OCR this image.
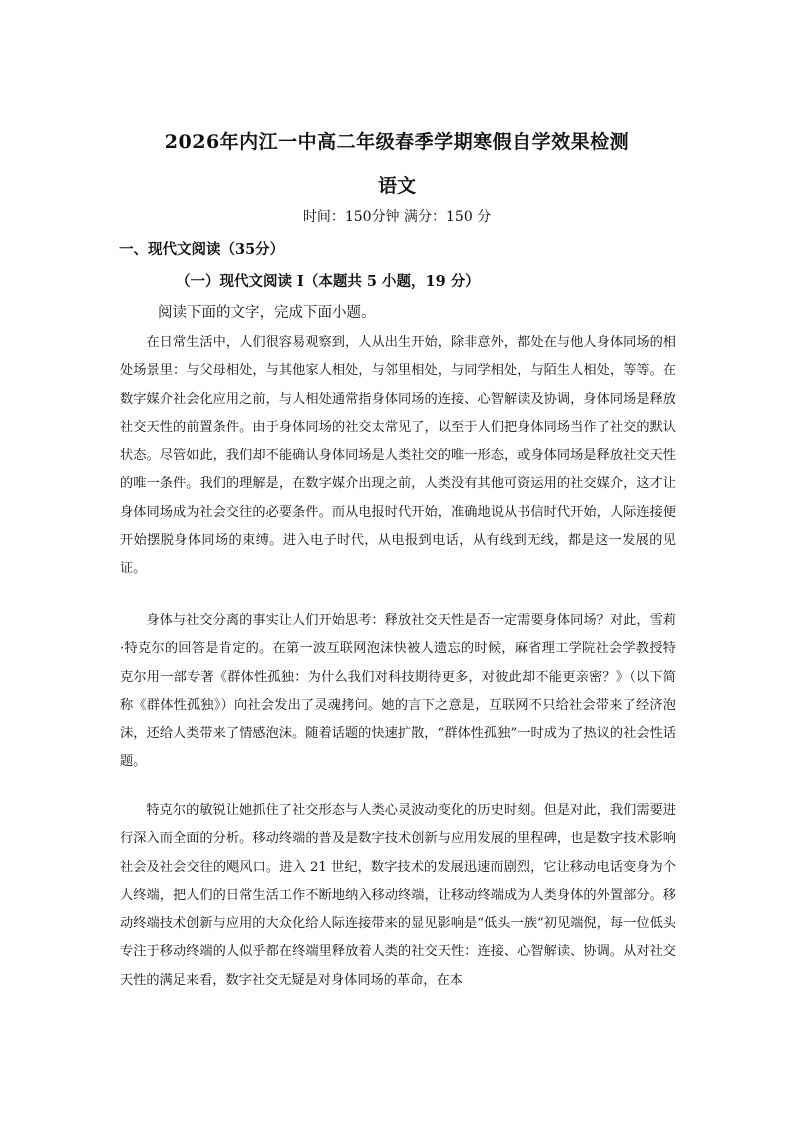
2026年内江一中高二年级春季学期寒假自学效果检测
语文
时间：150分钟 满分：150 分
一、现代文阅读（35分）
（一）现代文阅读 I（本题共 5 小题，19 分）
阅读下面的文字，完成下面小题。

在日常生活中，人们很容易观察到，人从出生开始，除非意外，都处在与他人身体同场的相处场景里：与父母相处，与其他家人相处，与邻里相处，与同学相处，与陌生人相处，等等。在数字媒介社会化应用之前，与人相处通常指身体同场的连接、心智解读及协调，身体同场是释放社交天性的前置条件。由于身体同场的社交太常见了，以至于人们把身体同场当作了社交的默认状态。尽管如此，我们却不能确认身体同场是人类社交的唯一形态，或身体同场是释放社交天性的唯一条件。我们的理解是，在数字媒介出现之前，人类没有其他可资运用的社交媒介，这才让身体同场成为社会交往的必要条件。而从电报时代开始，准确地说从书信时代开始，人际连接便开始摆脱身体同场的束缚。进入电子时代，从电报到电话，从有线到无线，都是这一发展的见证。

身体与社交分离的事实让人们开始思考：释放社交天性是否一定需要身体同场？对此，雪莉·特克尔的回答是肯定的。在第一波互联网泡沫快被人遗忘的时候，麻省理工学院社会学教授特克尔用一部专著《群体性孤独：为什么我们对科技期待更多，对彼此却不能更亲密？》（以下简称《群体性孤独》）向社会发出了灵魂拷问。她的言下之意是，互联网不只给社会带来了经济泡沫，还给人类带来了情感泡沫。随着话题的快速扩散，“群体性孤独”一时成为了热议的社会性话题。

特克尔的敏锐让她抓住了社交形态与人类心灵波动变化的历史时刻。但是对此，我们需要进行深入而全面的分析。移动终端的普及是数字技术创新与应用发展的里程碑，也是数字技术影响社会及社会交往的飓风口。进入 21 世纪，数字技术的发展迅速而剧烈，它让移动电话变身为个人终端，把人们的日常生活工作不断地纳入移动终端，让移动终端成为人类身体的外置部分。移动终端技术创新与应用的大众化给人际连接带来的显见影响是“低头一族”初见端倪，每一位低头专注于移动终端的人似乎都在终端里释放着人类的社交天性：连接、心智解读、协调。从对社交天性的满足来看，数字社交无疑是对身体同场的革命，在本
